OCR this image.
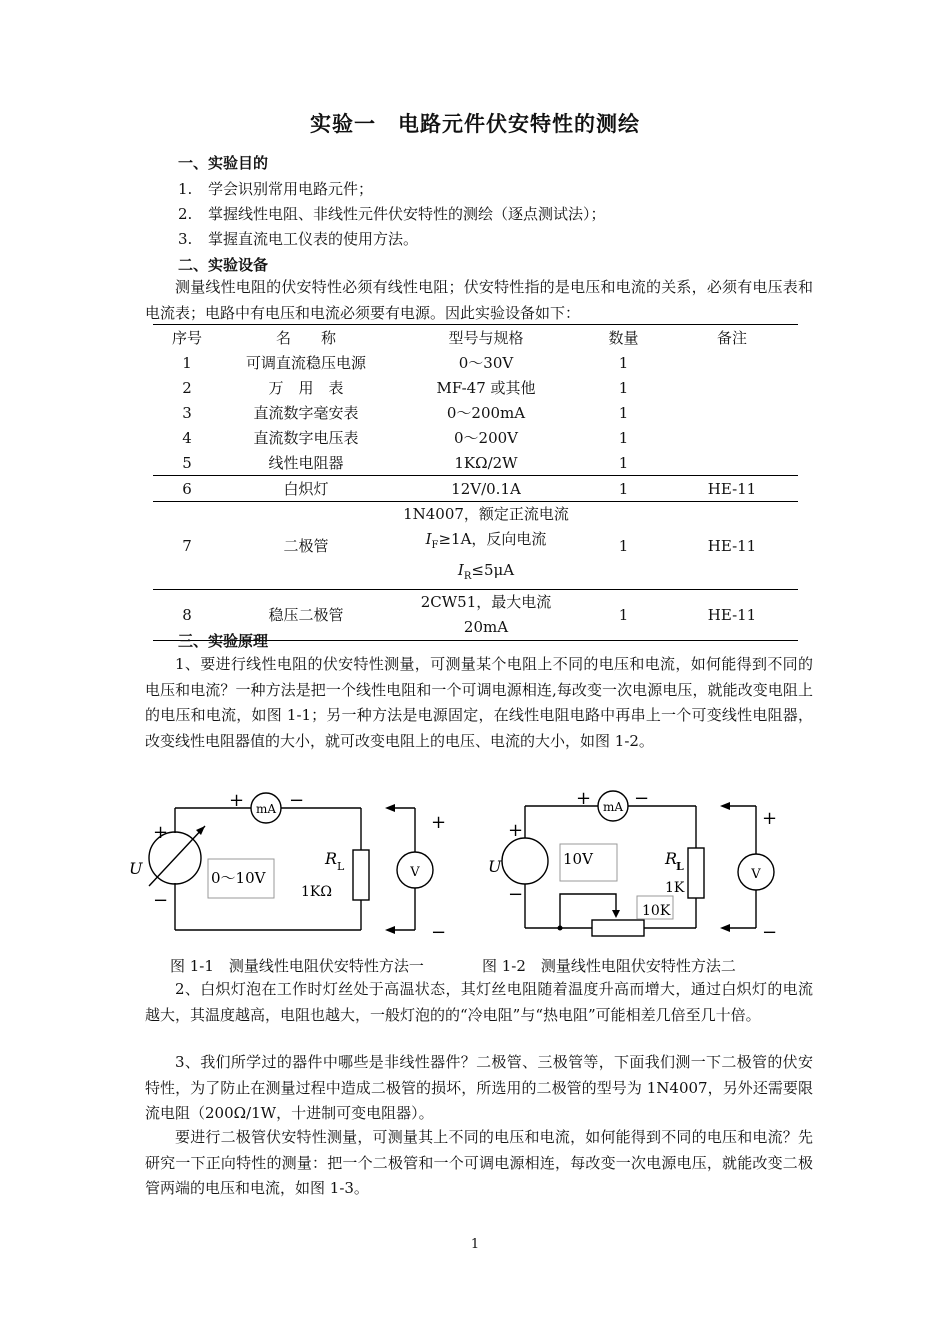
实验一　电路元件伏安特性的测绘
一、实验目的
1. 学会识别常用电路元件；
2. 掌握线性电阻、非线性元件伏安特性的测绘（逐点测试法）；
3. 掌握直流电工仪表的使用方法。
二、实验设备
测量线性电阻的伏安特性必须有线性电阻；伏安特性指的是电压和电流的关系，必须有电压表和电流表；电路中有电压和电流必须要有电源。因此实验设备如下：
序号	名　　称	型号与规格	数量	备注
1	可调直流稳压电源	0～30V	1	
2	万　用　表	MF-47 或其他	1	
3	直流数字毫安表	0～200mA	1	
4	直流数字电压表	0～200V	1	
5	线性电阻器	1KΩ/2W	1	
6	白炽灯	12V/0.1A	1	HE-11
7	二极管	1N4007，额定正流电流
$I_F\ge 1A$，反向电流
$I_R\le 5\mu A$	1	HE-11
8	稳压二极管	2CW51，最大电流
20mA	1	HE-11
三、实验原理
1、要进行线性电阻的伏安特性测量，可测量某个电阻上不同的电压和电流，如何能得到不同的电压和电流？一种方法是把一个线性电阻和一个可调电源相连,每改变一次电源电压，就能改变电阻上的电压和电流，如图 1-1；另一种方法是电源固定，在线性电阻电路中再串上一个可变线性电阻器，改变线性电阻器值的大小，就可改变电阻上的电压、电流的大小，如图 1-2。
+ −
mA
+
−
U	0～10V
R L
1KΩ
V
+
−
+ −
mA
+
−
U	10V	R
L
1K
10K
V
+
−
图 1-1　测量线性电阻伏安特性方法一	图 1-2　测量线性电阻伏安特性方法二
2、白炽灯泡在工作时灯丝处于高温状态，其灯丝电阻随着温度升高而增大，通过白炽灯的电流越大，其温度越高，电阻也越大，一般灯泡的的“冷电阻”与“热电阻”可能相差几倍至几十倍。
3、我们所学过的器件中哪些是非线性器件？二极管、三极管等，下面我们测一下二极管的伏安特性，为了防止在测量过程中造成二极管的损坏，所选用的二极管的型号为 1N4007，另外还需要限流电阻（200Ω/1W，十进制可变电阻器）。
要进行二极管伏安特性测量，可测量其上不同的电压和电流，如何能得到不同的电压和电流？先研究一下正向特性的测量：把一个二极管和一个可调电源相连，每改变一次电源电压，就能改变二极管两端的电压和电流，如图 1-3。
1
